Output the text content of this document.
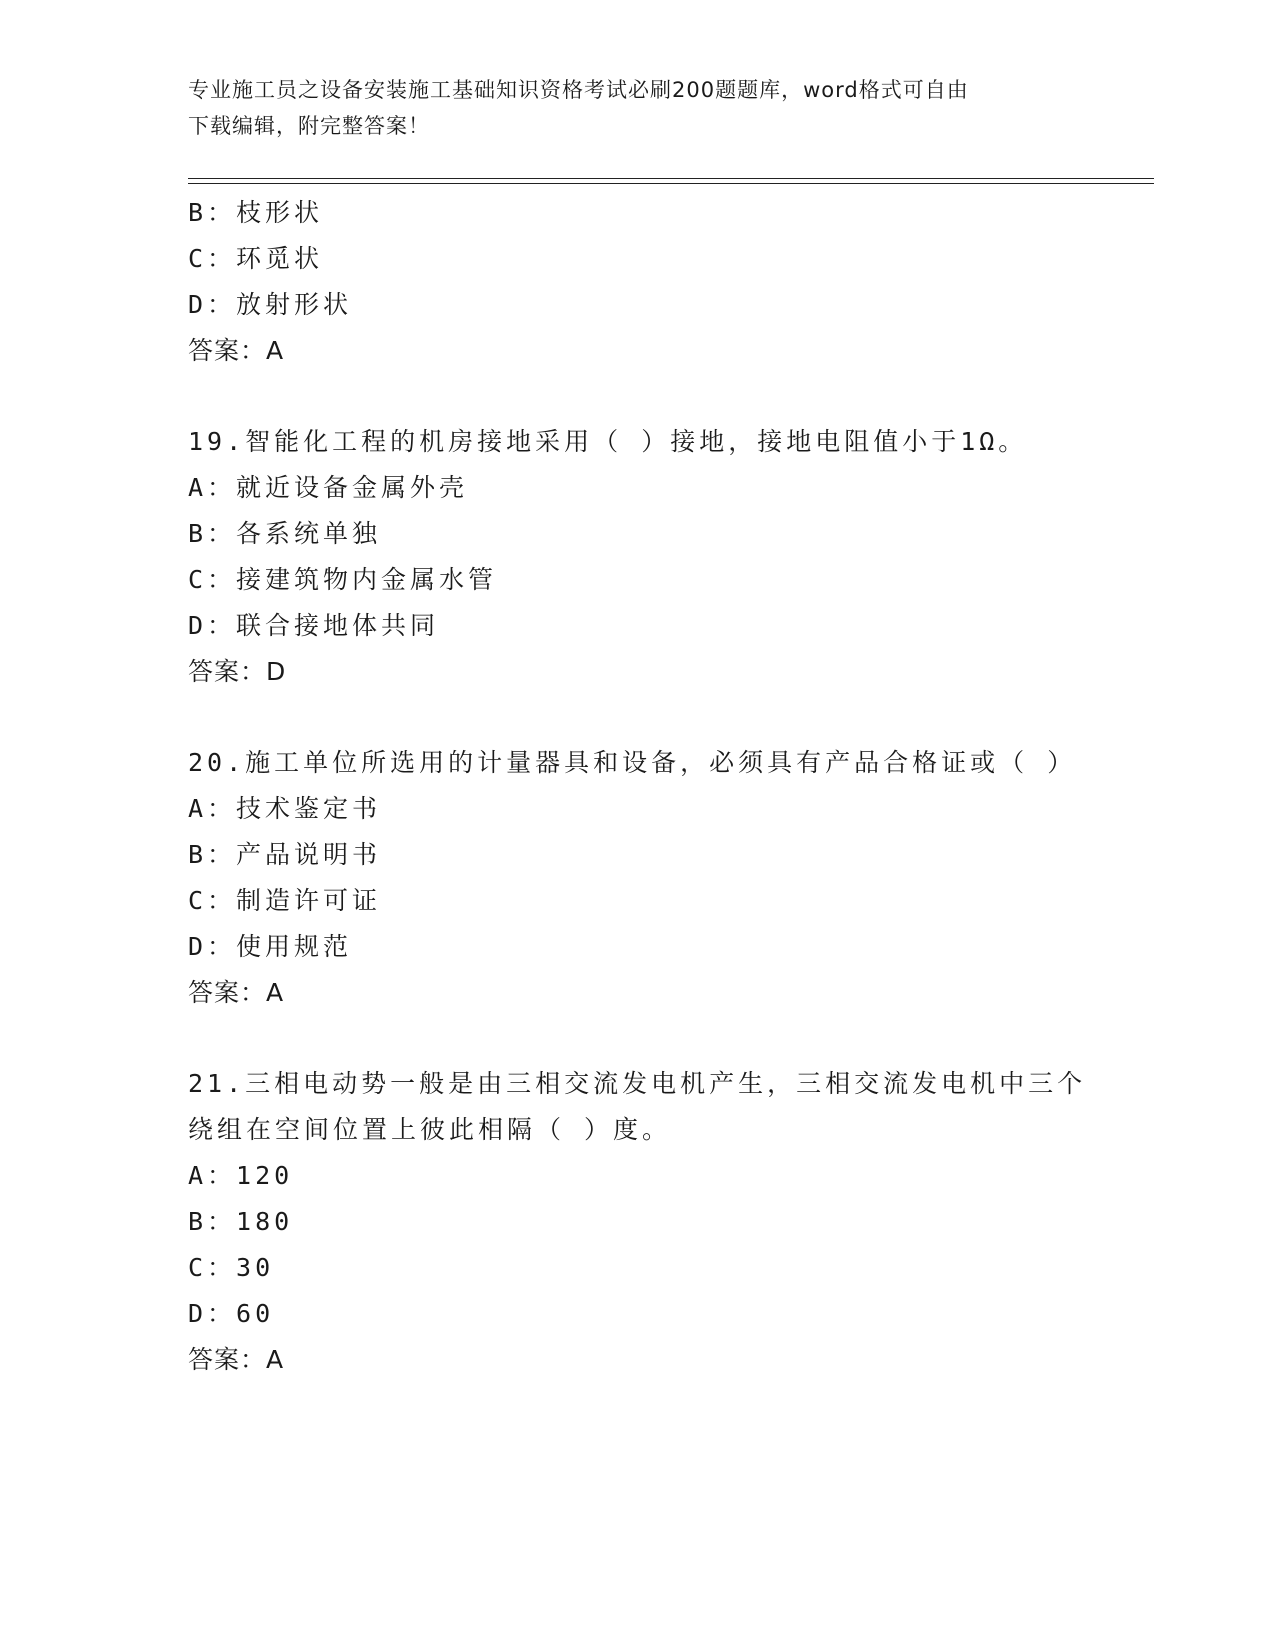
专业施工员之设备安装施工基础知识资格考试必刷200题题库，word格式可自由
下载编辑，附完整答案！
B：枝形状
C：环觅状
D：放射形状
答案：A
19.智能化工程的机房接地采用（ ）接地，接地电阻值小于1Ω。
A：就近设备金属外壳
B：各系统单独
C：接建筑物内金属水管
D：联合接地体共同
答案：D
20.施工单位所选用的计量器具和设备，必须具有产品合格证或（ ）
A：技术鉴定书
B：产品说明书
C：制造许可证
D：使用规范
答案：A
21.三相电动势一般是由三相交流发电机产生，三相交流发电机中三个
绕组在空间位置上彼此相隔（ ）度。
A：120
B：180
C：30
D：60
答案：A
